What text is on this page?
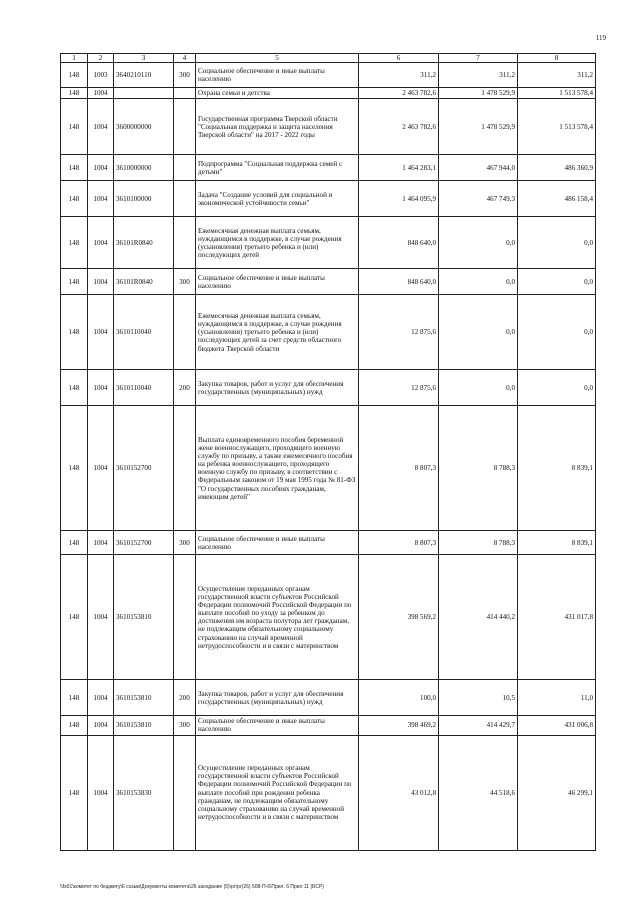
119
1	2	3	4	5	6	7	8
148	1003	3640210110	300	Социальное обеспечение и иные выплаты населению	311,2	311,2	311,2
148	1004			Охрана семьи и детства	2 463 782,6	1 478 529,9	1 513 578,4
148	1004	3600000000		Государственная программа Тверской области "Социальная поддержка и защита населения Тверской области" на 2017 - 2022 годы	2 463 782,6	1 478 529,9	1 513 578,4
148	1004	3610000000		Подпрограмма "Социальная поддержка семей с детьми"	1 464 283,1	467 944,0	486 360,9
148	1004	3610100000		Задача "Создание условий для социальной и экономической устойчивости семьи"	1 464 095,9	467 749,3	486 158,4
148	1004	36101R0840		Ежемесячная денежная выплата семьям, нуждающимся в поддержке, в случае рождения (усыновления) третьего ребенка и (или) последующих детей	848 640,0	0,0	0,0
148	1004	36101R0840	300	Социальное обеспечение и иные выплаты населению	848 640,0	0,0	0,0
148	1004	3610110040		Ежемесячная денежная выплата семьям, нуждающимся в поддержке, в случае рождения (усыновления) третьего ребенка и (или) последующих детей за счет средств областного бюджета Тверской области	12 875,6	0,0	0,0
148	1004	3610110040	200	Закупка товаров, работ и услуг для обеспечения государственных (муниципальных) нужд	12 875,6	0,0	0,0
148	1004	3610152700		Выплата единовременного пособия беременной жене военнослужащего, проходящего военную службу по призыву, а также ежемесячного пособия на ребенка военнослужащего, проходящего военную службу по призыву, в соответствии с Федеральным законом от 19 мая 1995 года № 81-ФЗ "О государственных пособиях гражданам, имеющим детей"	8 807,3	8 788,3	8 839,1
148	1004	3610152700	300	Социальное обеспечение и иные выплаты населению	8 807,3	8 788,3	8 839,1
148	1004	3610153810		Осуществление переданных органам государственной власти субъектов Российской Федерации полномочий Российской Федерации по выплате пособий по уходу за ребенком до достижения им возраста полутора лет гражданам, не подлежащим обязательному социальному страхованию на случай временной нетрудоспособности и в связи с материнством	398 569,2	414 440,2	431 017,8
148	1004	3610153810	200	Закупка товаров, работ и услуг для обеспечения государственных (муниципальных) нужд	100,0	10,5	11,0
148	1004	3610153810	300	Социальное обеспечение и иные выплаты населению	398 469,2	414 429,7	431 006,8
148	1004	3610153830		Осуществление переданных органам государственной власти субъектов Российской Федерации полномочий Российской Федерации по выплате пособий при рождении ребенка гражданам, не подлежащим обязательному социальному страхованию на случай временной нетрудоспособности и в связи с материнством	43 012,8	44 518,6	46 299,1
\\fs01\комитет по бюджету\6 созыв\Документы комитета\26 заседание (5)\рг\рг(26) 508-П-6\Прил. 6 Прил 11 (БСР)
